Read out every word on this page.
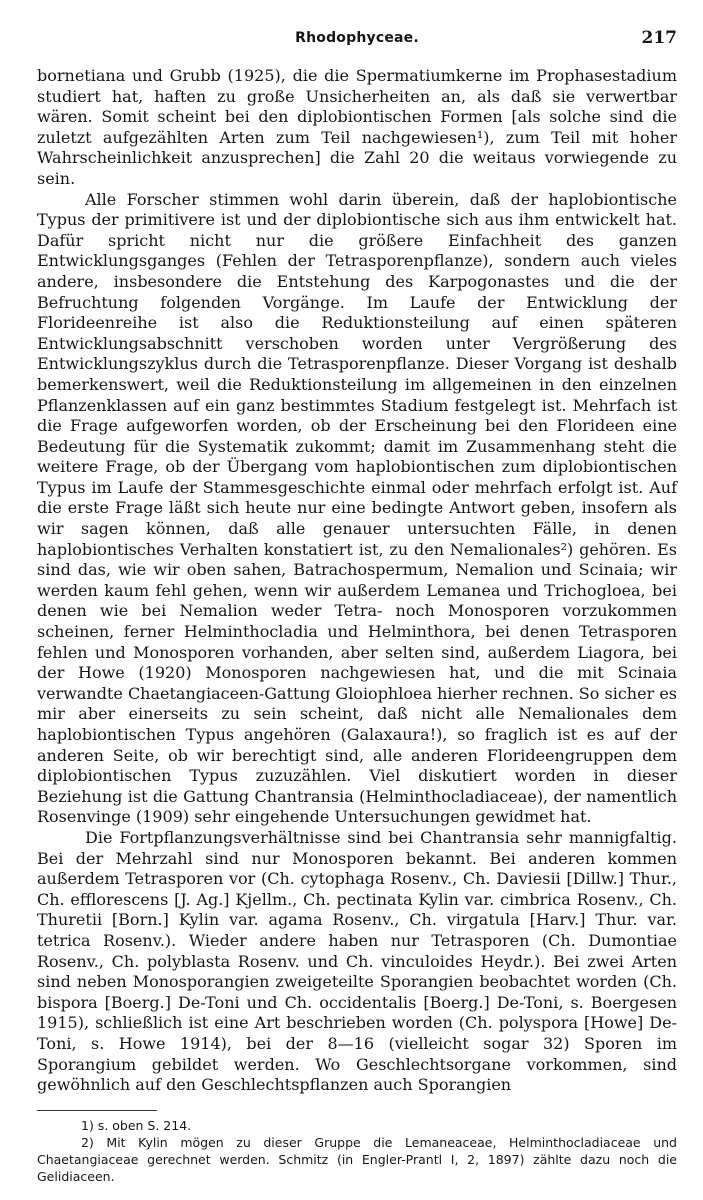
Rhodophyceae.	217

bornetiana und Grubb (1925), die die Spermatiumkerne im Prophasestadium studiert hat, haften zu große Unsicherheiten an, als daß sie verwertbar wären. Somit scheint bei den diplobiontischen Formen [als solche sind die zuletzt aufgezählten Arten zum Teil nachgewiesen¹), zum Teil mit hoher Wahrscheinlichkeit anzusprechen] die Zahl 20 die weitaus vorwiegende zu sein.

Alle Forscher stimmen wohl darin überein, daß der haplobiontische Typus der primitivere ist und der diplobiontische sich aus ihm entwickelt hat. Dafür spricht nicht nur die größere Einfachheit des ganzen Entwicklungsganges (Fehlen der Tetrasporenpflanze), sondern auch vieles andere, insbesondere die Entstehung des Karpogonastes und die der Befruchtung folgenden Vorgänge. Im Laufe der Entwicklung der Florideenreihe ist also die Reduktionsteilung auf einen späteren Entwicklungsabschnitt verschoben worden unter Vergrößerung des Entwicklungszyklus durch die Tetrasporenpflanze. Dieser Vorgang ist deshalb bemerkenswert, weil die Reduktionsteilung im allgemeinen in den einzelnen Pflanzenklassen auf ein ganz bestimmtes Stadium festgelegt ist. Mehrfach ist die Frage aufgeworfen worden, ob der Erscheinung bei den Florideen eine Bedeutung für die Systematik zukommt; damit im Zusammenhang steht die weitere Frage, ob der Übergang vom haplobiontischen zum diplobiontischen Typus im Laufe der Stammesgeschichte einmal oder mehrfach erfolgt ist. Auf die erste Frage läßt sich heute nur eine bedingte Antwort geben, insofern als wir sagen können, daß alle genauer untersuchten Fälle, in denen haplobiontisches Verhalten konstatiert ist, zu den Nemalionales²) gehören. Es sind das, wie wir oben sahen, Batrachospermum, Nemalion und Scinaia; wir werden kaum fehl gehen, wenn wir außerdem Lemanea und Trichogloea, bei denen wie bei Nemalion weder Tetra- noch Monosporen vorzukommen scheinen, ferner Helminthocladia und Helminthora, bei denen Tetrasporen fehlen und Monosporen vorhanden, aber selten sind, außerdem Liagora, bei der Howe (1920) Monosporen nachgewiesen hat, und die mit Scinaia verwandte Chaetangiaceen-Gattung Gloiophloea hierher rechnen. So sicher es mir aber einerseits zu sein scheint, daß nicht alle Nemalionales dem haplobiontischen Typus angehören (Galaxaura!), so fraglich ist es auf der anderen Seite, ob wir berechtigt sind, alle anderen Florideengruppen dem diplobiontischen Typus zuzuzählen. Viel diskutiert worden in dieser Beziehung ist die Gattung Chantransia (Helminthocladiaceae), der namentlich Rosenvinge (1909) sehr eingehende Untersuchungen gewidmet hat.

Die Fortpflanzungsverhältnisse sind bei Chantransia sehr mannigfaltig. Bei der Mehrzahl sind nur Monosporen bekannt. Bei anderen kommen außerdem Tetrasporen vor (Ch. cytophaga Rosenv., Ch. Daviesii [Dillw.] Thur., Ch. efflorescens [J. Ag.] Kjellm., Ch. pectinata Kylin var. cimbrica Rosenv., Ch. Thuretii [Born.] Kylin var. agama Rosenv., Ch. virgatula [Harv.] Thur. var. tetrica Rosenv.). Wieder andere haben nur Tetrasporen (Ch. Dumontiae Rosenv., Ch. polyblasta Rosenv. und Ch. vinculoides Heydr.). Bei zwei Arten sind neben Monosporangien zweigeteilte Sporangien beobachtet worden (Ch. bispora [Boerg.] De-Toni und Ch. occidentalis [Boerg.] De-Toni, s. Boergesen 1915), schließlich ist eine Art beschrieben worden (Ch. polyspora [Howe] De-Toni, s. Howe 1914), bei der 8—16 (vielleicht sogar 32) Sporen im Sporangium gebildet werden. Wo Geschlechtsorgane vorkommen, sind gewöhnlich auf den Geschlechtspflanzen auch Sporangien

1) s. oben S. 214.

2) Mit Kylin mögen zu dieser Gruppe die Lemaneaceae, Helminthocladiaceae und Chaetangiaceae gerechnet werden. Schmitz (in Engler-Prantl I, 2, 1897) zählte dazu noch die Gelidiaceen.
